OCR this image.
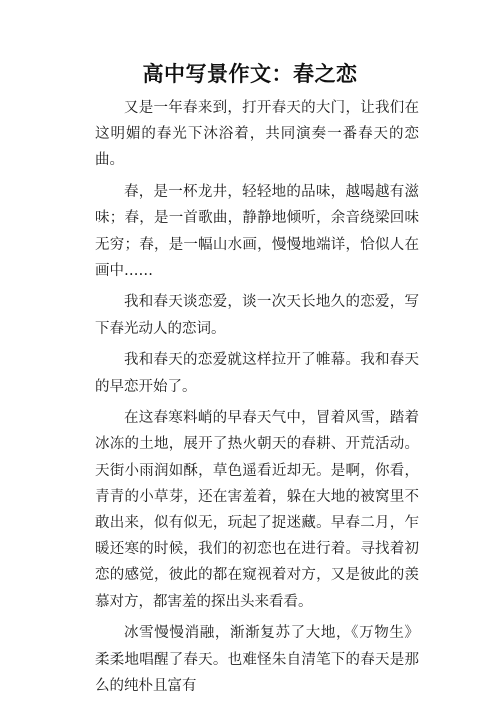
高中写景作文：春之恋

又是一年春来到，打开春天的大门，让我们在这明媚的春光下沐浴着，共同演奏一番春天的恋曲。

春，是一杯龙井，轻轻地的品味，越喝越有滋味；春，是一首歌曲，静静地倾听，余音绕梁回味无穷；春，是一幅山水画，慢慢地端详，恰似人在画中……

我和春天谈恋爱，谈一次天长地久的恋爱，写下春光动人的恋词。

我和春天的恋爱就这样拉开了帷幕。我和春天的早恋开始了。

在这春寒料峭的早春天气中，冒着风雪，踏着冰冻的土地，展开了热火朝天的春耕、开荒活动。天街小雨润如酥，草色遥看近却无。是啊，你看，青青的小草芽，还在害羞着，躲在大地的被窝里不敢出来，似有似无，玩起了捉迷藏。早春二月，乍暖还寒的时候，我们的初恋也在进行着。寻找着初恋的感觉，彼此的都在窥视着对方，又是彼此的羡慕对方，都害羞的探出头来看看。

冰雪慢慢消融，渐渐复苏了大地，《万物生》柔柔地唱醒了春天。也难怪朱自清笔下的春天是那么的纯朴且富有
